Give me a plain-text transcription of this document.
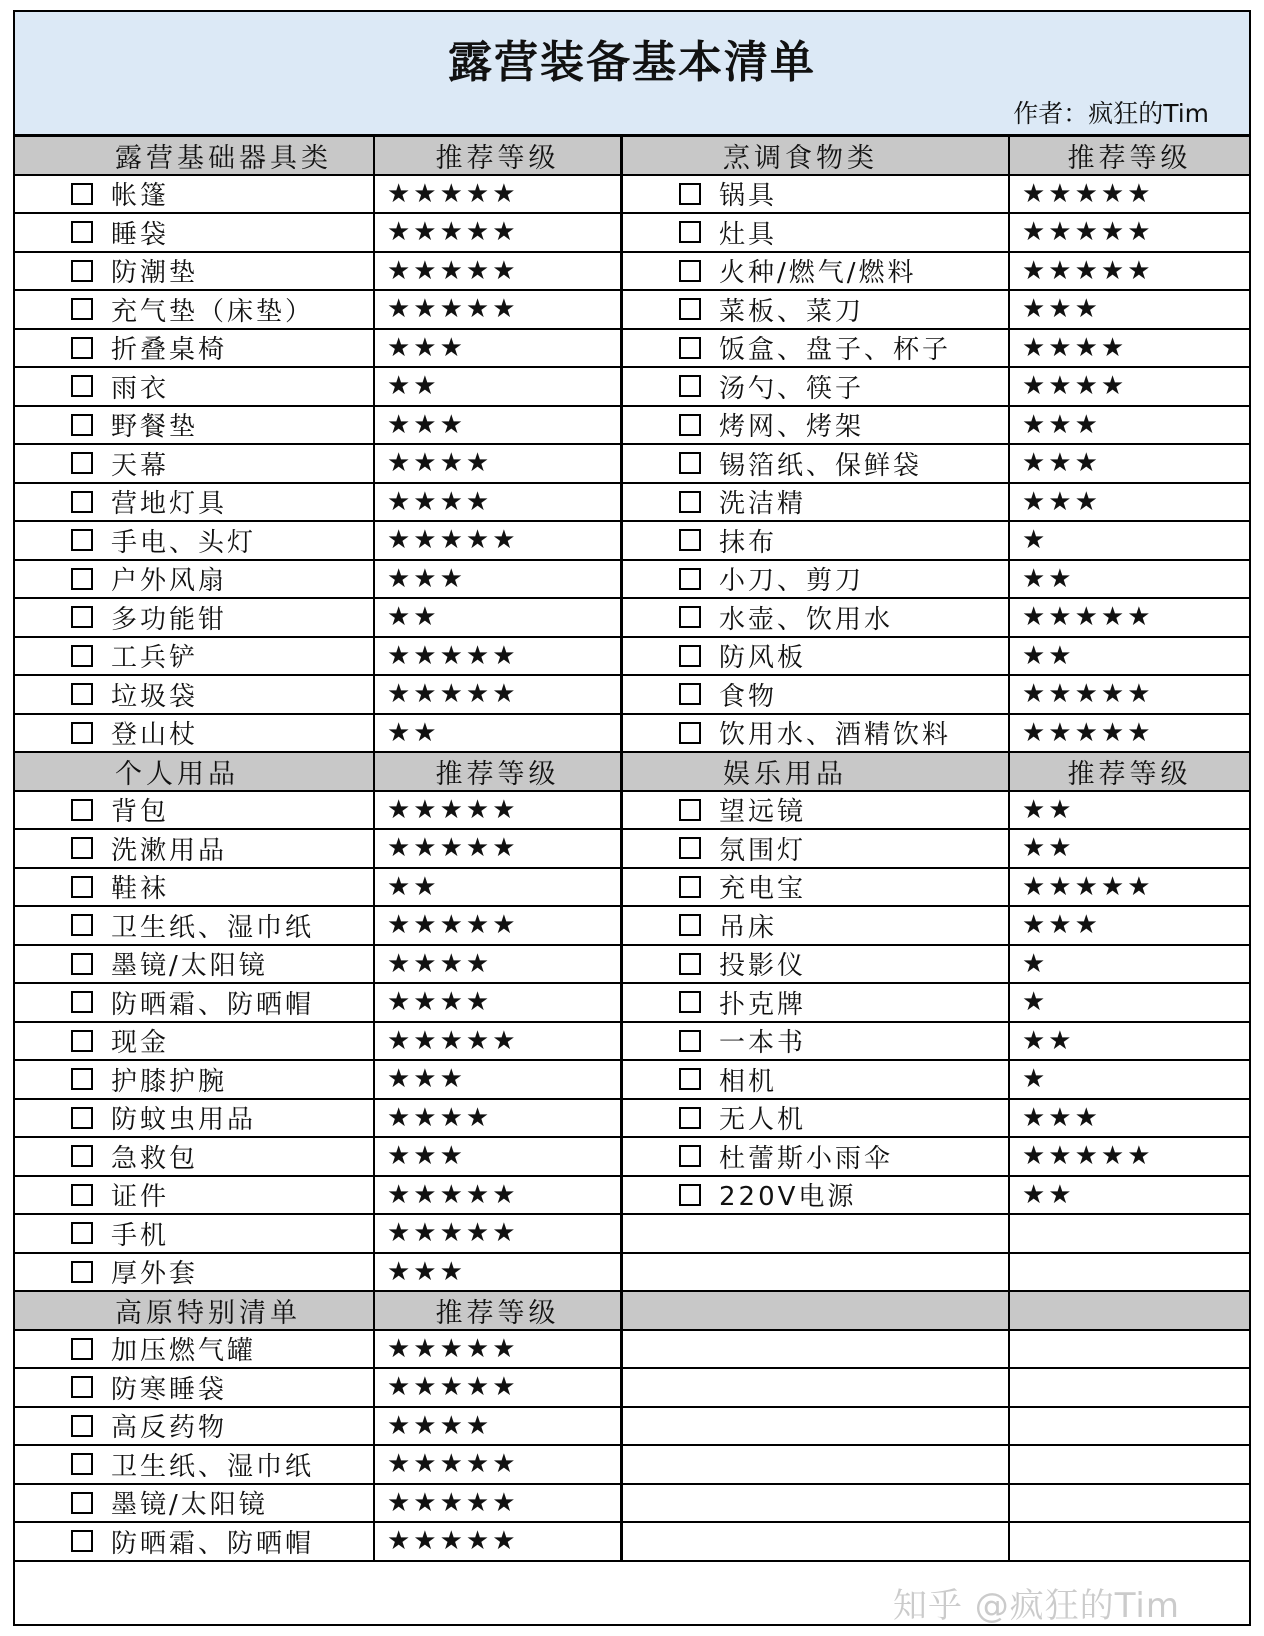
露营装备基本清单
作者：疯狂的Tim
露营基础器具类	推荐等级	烹调食物类	推荐等级
帐篷	★★★★★	锅具	★★★★★
睡袋	★★★★★	灶具	★★★★★
防潮垫	★★★★★	火种/燃气/燃料	★★★★★
充气垫（床垫）	★★★★★	菜板、菜刀	★★★
折叠桌椅	★★★	饭盒、盘子、杯子	★★★★
雨衣	★★	汤勺、筷子	★★★★
野餐垫	★★★	烤网、烤架	★★★
天幕	★★★★	锡箔纸、保鲜袋	★★★
营地灯具	★★★★	洗洁精	★★★
手电、头灯	★★★★★	抹布	★
户外风扇	★★★	小刀、剪刀	★★
多功能钳	★★	水壶、饮用水	★★★★★
工兵铲	★★★★★	防风板	★★
垃圾袋	★★★★★	食物	★★★★★
登山杖	★★	饮用水、酒精饮料	★★★★★
个人用品	推荐等级	娱乐用品	推荐等级
背包	★★★★★	望远镜	★★
洗漱用品	★★★★★	氛围灯	★★
鞋袜	★★	充电宝	★★★★★
卫生纸、湿巾纸	★★★★★	吊床	★★★
墨镜/太阳镜	★★★★	投影仪	★
防晒霜、防晒帽	★★★★	扑克牌	★
现金	★★★★★	一本书	★★
护膝护腕	★★★	相机	★
防蚊虫用品	★★★★	无人机	★★★
急救包	★★★	杜蕾斯小雨伞	★★★★★
证件	★★★★★	220V电源	★★
手机	★★★★★
厚外套	★★★
高原特别清单	推荐等级
加压燃气罐	★★★★★
防寒睡袋	★★★★★
高反药物	★★★★
卫生纸、湿巾纸	★★★★★
墨镜/太阳镜	★★★★★
防晒霜、防晒帽	★★★★★
知乎 @疯狂的Tim
